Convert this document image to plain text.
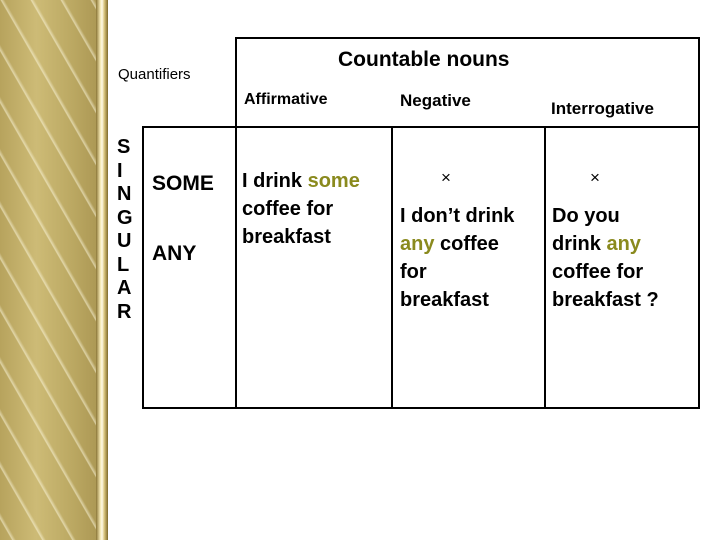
Quantifiers
Countable nouns
Affirmative	Negative	Interrogative
S
I
N
G
U
L
A
R
SOME
ANY
I drink some
coffee for
breakfast
×
I don’t drink
any coffee
for
breakfast
×
Do you
drink any
coffee for
breakfast ?
